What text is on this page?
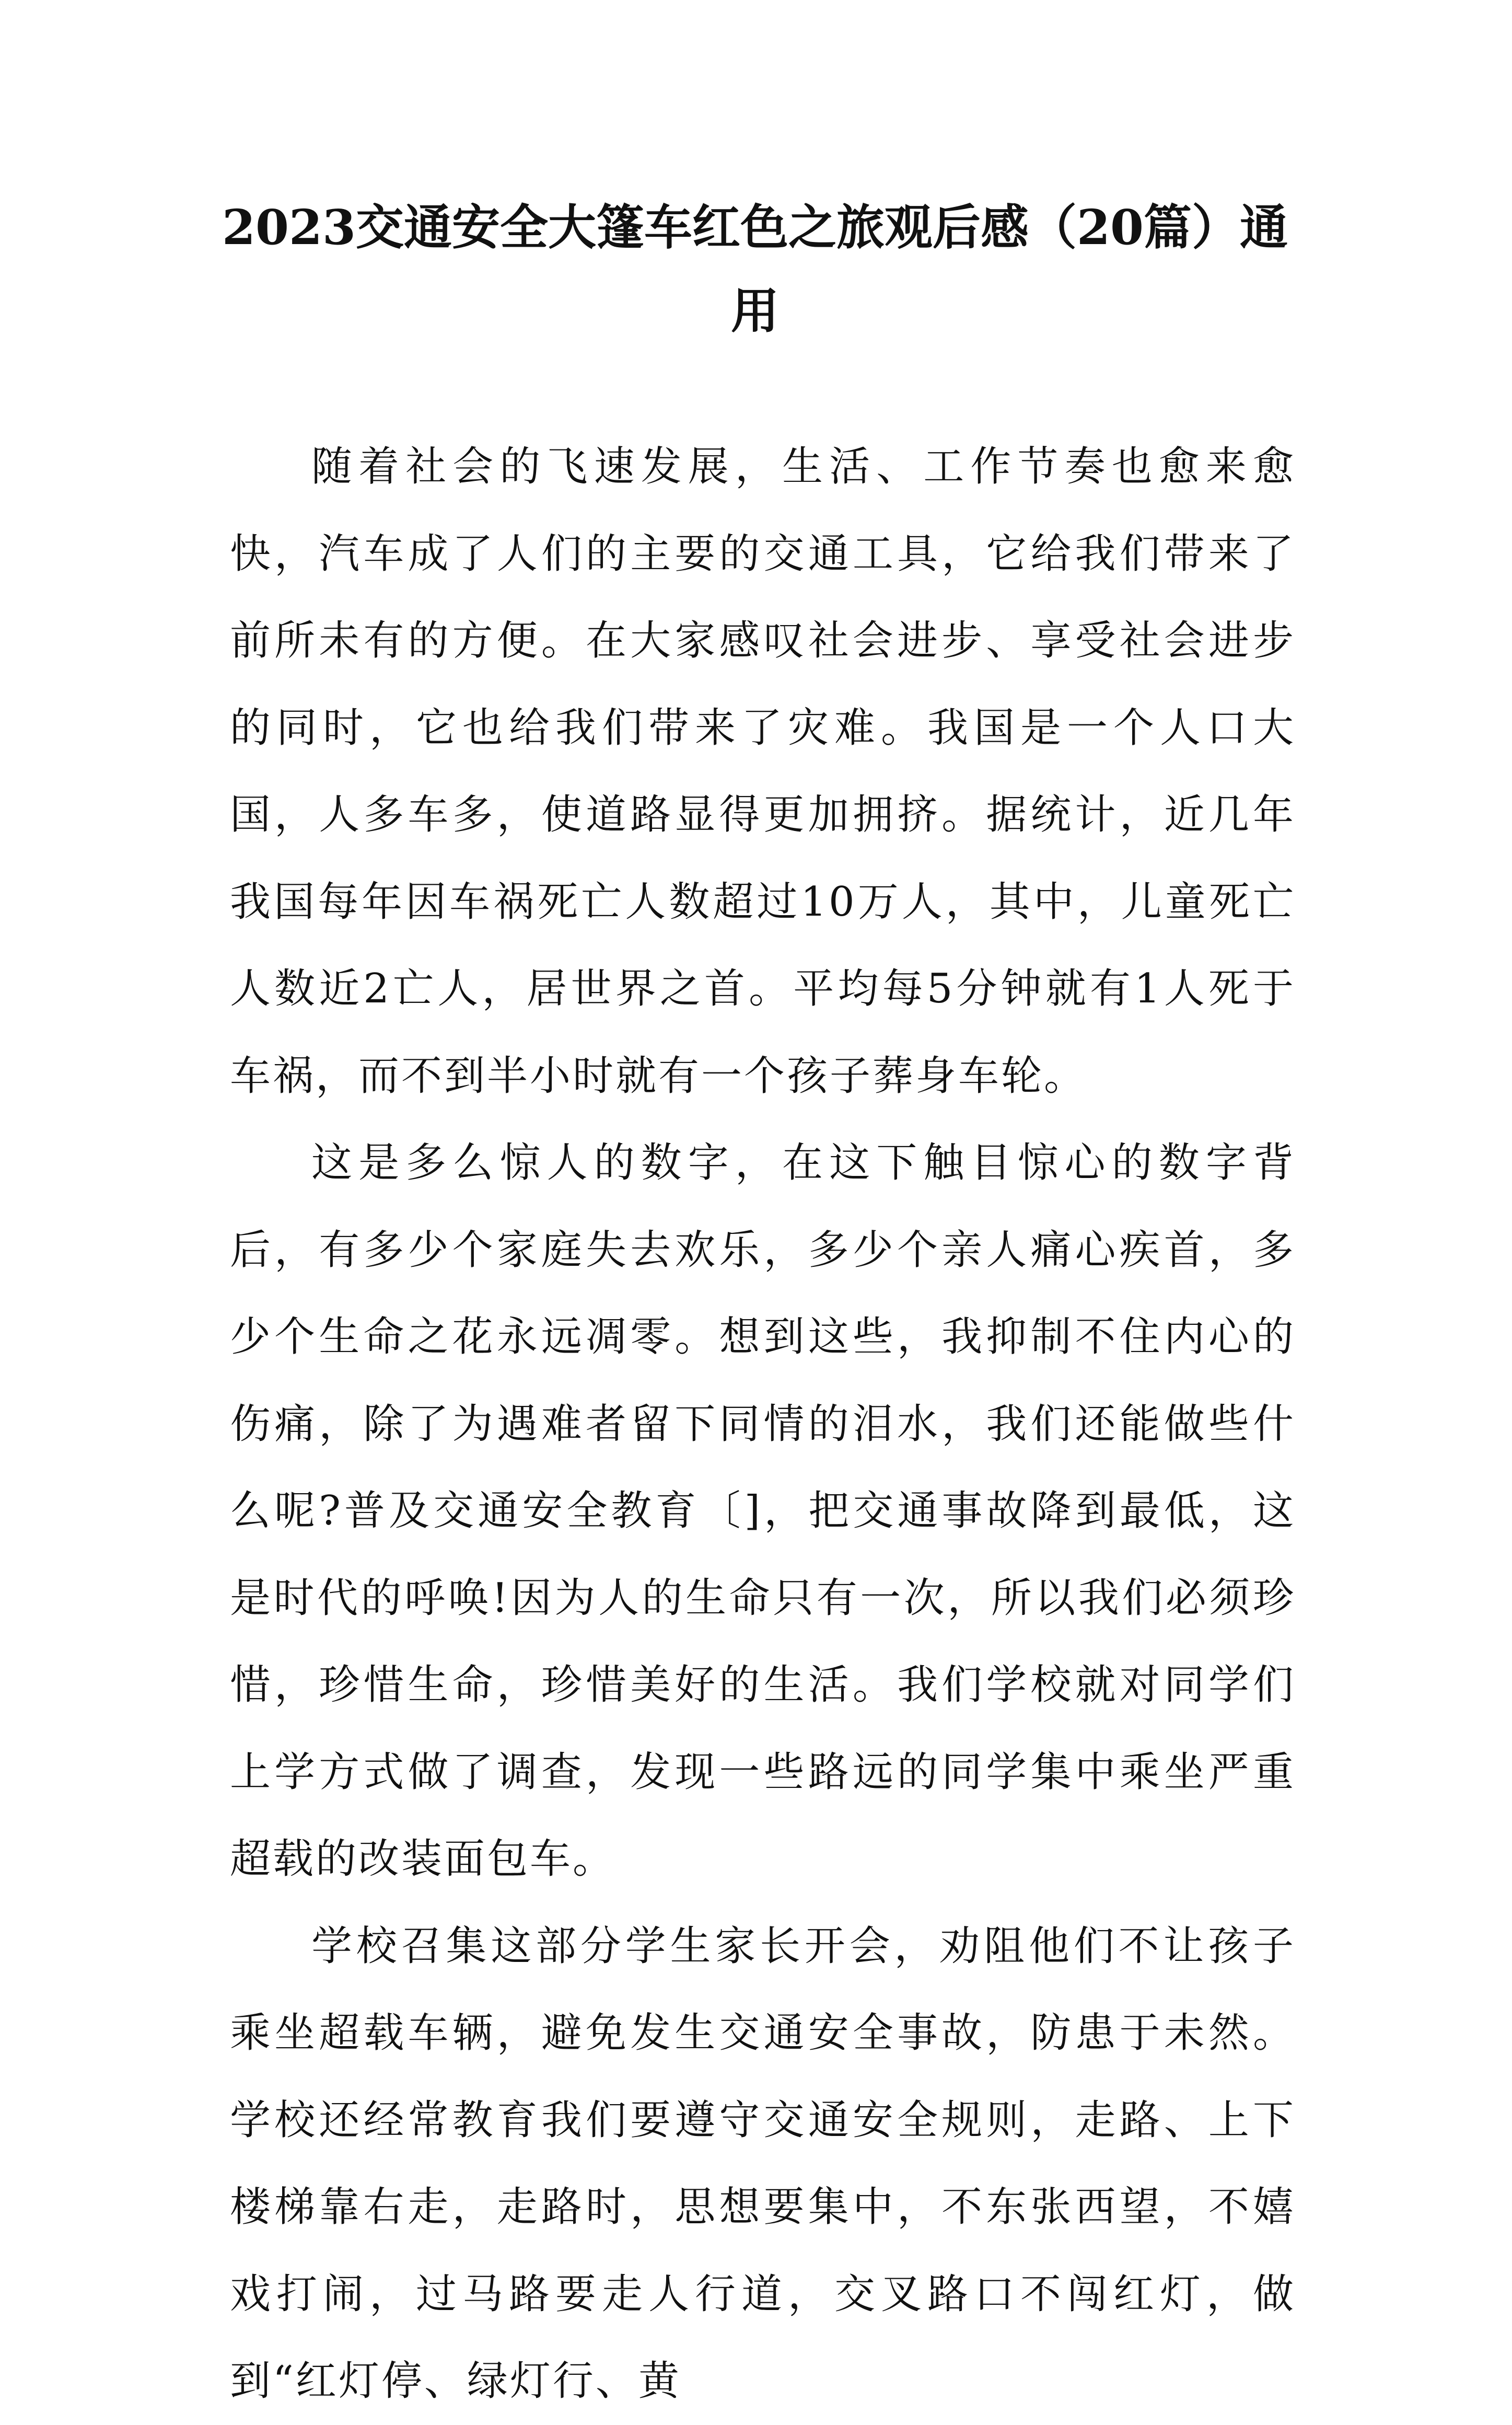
2023交通安全大篷车红色之旅观后感（20篇）通用

随着社会的飞速发展，生活、工作节奏也愈来愈快，汽车成了人们的主要的交通工具，它给我们带来了前所未有的方便。在大家感叹社会进步、享受社会进步的同时，它也给我们带来了灾难。我国是一个人口大国，人多车多，使道路显得更加拥挤。据统计，近几年我国每年因车祸死亡人数超过10万人，其中，儿童死亡人数近2亡人，居世界之首。平均每5分钟就有1人死于车祸，而不到半小时就有一个孩子葬身车轮。

这是多么惊人的数字，在这下触目惊心的数字背后，有多少个家庭失去欢乐，多少个亲人痛心疾首，多少个生命之花永远凋零。想到这些，我抑制不住内心的伤痛，除了为遇难者留下同情的泪水，我们还能做些什么呢?普及交通安全教育〔]，把交通事故降到最低，这是时代的呼唤!因为人的生命只有一次，所以我们必须珍惜，珍惜生命，珍惜美好的生活。我们学校就对同学们上学方式做了调查，发现一些路远的同学集中乘坐严重超载的改装面包车。

学校召集这部分学生家长开会，劝阻他们不让孩子乘坐超载车辆，避免发生交通安全事故，防患于未然。学校还经常教育我们要遵守交通安全规则，走路、上下楼梯靠右走，走路时，思想要集中，不东张西望，不嬉戏打闹，过马路要走人行道，交叉路口不闯红灯，做到“红灯停、绿灯行、黄
